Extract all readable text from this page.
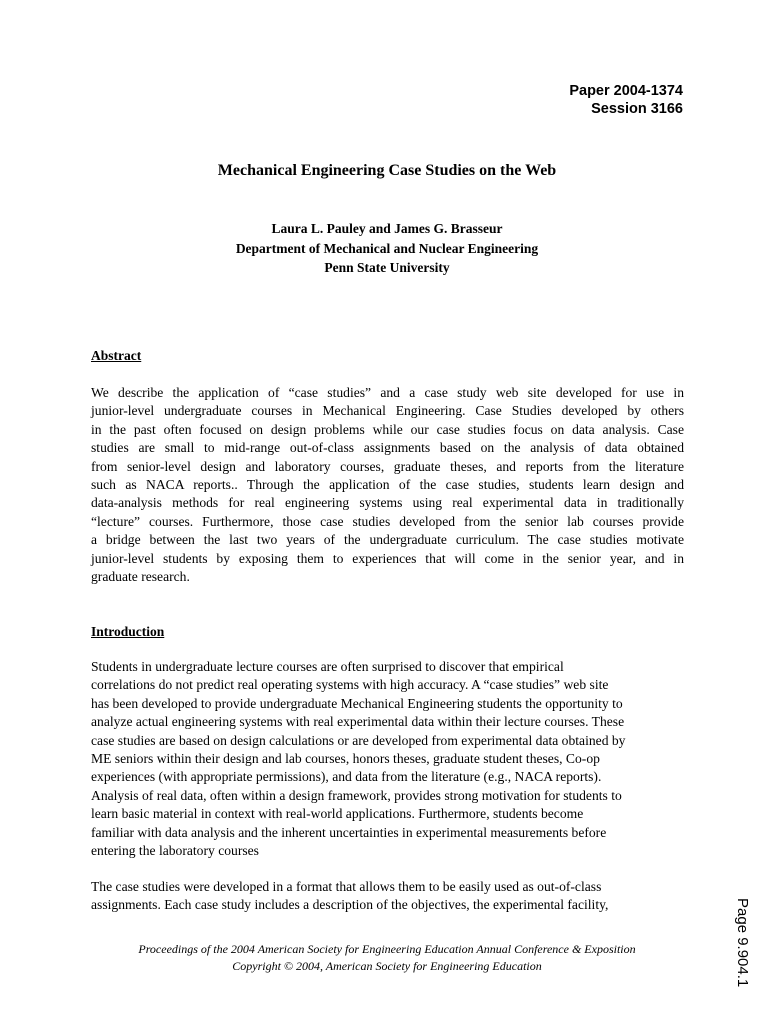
Paper 2004-1374
Session 3166
Mechanical Engineering Case Studies on the Web
Laura L. Pauley and James G. Brasseur
Department of Mechanical and Nuclear Engineering
Penn State University
Abstract
We describe the application of “case studies” and a case study web site developed for use in
junior-level undergraduate courses in Mechanical Engineering. Case Studies developed by others
in the past often focused on design problems while our case studies focus on data analysis. Case
studies are small to mid-range out-of-class assignments based on the analysis of data obtained
from senior-level design and laboratory courses, graduate theses, and reports from the literature
such as NACA reports.. Through the application of the case studies, students learn design and
data-analysis methods for real engineering systems using real experimental data in traditionally
“lecture” courses. Furthermore, those case studies developed from the senior lab courses provide
a bridge between the last two years of the undergraduate curriculum. The case studies motivate
junior-level students by exposing them to experiences that will come in the senior year, and in
graduate research.
Introduction
Students in undergraduate lecture courses are often surprised to discover that empirical
correlations do not predict real operating systems with high accuracy. A “case studies” web site
has been developed to provide undergraduate Mechanical Engineering students the opportunity to
analyze actual engineering systems with real experimental data within their lecture courses. These
case studies are based on design calculations or are developed from experimental data obtained by
ME seniors within their design and lab courses, honors theses, graduate student theses, Co-op
experiences (with appropriate permissions), and data from the literature (e.g., NACA reports).
Analysis of real data, often within a design framework, provides strong motivation for students to
learn basic material in context with real-world applications. Furthermore, students become
familiar with data analysis and the inherent uncertainties in experimental measurements before
entering the laboratory courses
The case studies were developed in a format that allows them to be easily used as out-of-class
assignments. Each case study includes a description of the objectives, the experimental facility,
Proceedings of the 2004 American Society for Engineering Education Annual Conference & Exposition
Copyright © 2004, American Society for Engineering Education	Page 9.904.1
